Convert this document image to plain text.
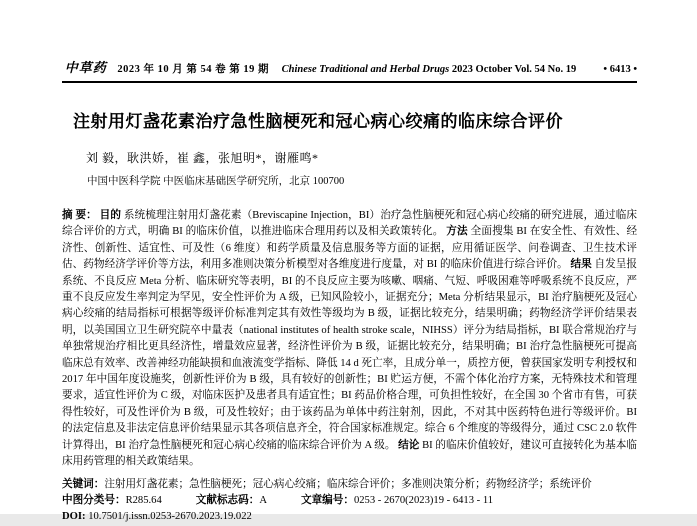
中草药 2023 年 10 月 第 54 卷 第 19 期 Chinese Traditional and Herbal Drugs 2023 October Vol. 54 No. 19	• 6413 •
注射用灯盏花素治疗急性脑梗死和冠心病心绞痛的临床综合评价
刘 毅，耿洪娇，崔 鑫，张旭明*，谢雁鸣*
中国中医科学院 中医临床基础医学研究所，北京 100700

摘 要： 目的 系统梳理注射用灯盏花素（Breviscapine Injection，BI）治疗急性脑梗死和冠心病心绞痛的研究进展，通过临床综合评价的方式，明确 BI 的临床价值，以推进临床合理用药以及相关政策转化。 方法 全面搜集 BI 在安全性、有效性、经济性、创新性、适宜性、可及性（6 维度）和药学质量及信息服务等方面的证据，应用循证医学、问卷调查、卫生技术评估、药物经济学评价等方法，利用多准则决策分析模型对各维度进行度量，对 BI 的临床价值进行综合评价。 结果 自发呈报系统、不良反应 Meta 分析、临床研究等表明，BI 的不良反应主要为咳嗽、咽痛、气短、呼吸困难等呼吸系统不良反应，严重不良反应发生率判定为罕见，安全性评价为 A 级，已知风险较小，证据充分；Meta 分析结果显示，BI 治疗脑梗死及冠心病心绞痛的结局指标可根据等级评价标准判定其有效性等级均为 B 级，证据比较充分，结果明确；药物经济学评价结果表明，以美国国立卫生研究院卒中量表（national institutes of health stroke scale，NIHSS）评分为结局指标，BI 联合常规治疗与单独常规治疗相比更具经济性，增量效应显著，经济性评价为 B 级，证据比较充分，结果明确；BI 治疗急性脑梗死可提高临床总有效率、改善神经功能缺损和血液流变学指标、降低 14 d 死亡率，且成分单一，质控方便，曾获国家发明专利授权和 2017 年中国年度设施奖，创新性评价为 B 级，具有较好的创新性；BI 贮运方便，不需个体化治疗方案，无特殊技术和管理要求，适宜性评价为 C 级，对临床医护及患者具有适宜性；BI 药品价格合理，可负担性较好，在全国 30 个省市有售，可获得性较好，可及性评价为 B 级，可及性较好；由于该药品为单体中药注射剂，因此，不对其中医药特色进行等级评价。BI 的法定信息及非法定信息评价结果显示其各项信息齐全，符合国家标准规定。综合 6 个维度的等级得分，通过 CSC 2.0 软件计算得出，BI 治疗急性脑梗死和冠心病心绞痛的临床综合评价为 A 级。 结论 BI 的临床价值较好，建议可直接转化为基本临床用药管理的相关政策结果。

关键词：注射用灯盏花素；急性脑梗死；冠心病心绞痛；临床综合评价；多准则决策分析；药物经济学；系统评价

中图分类号：R285.64	文献标志码：A	文章编号：0253 - 2670(2023)19 - 6413 - 11

DOI: 10.7501/j.issn.0253-2670.2023.19.022
